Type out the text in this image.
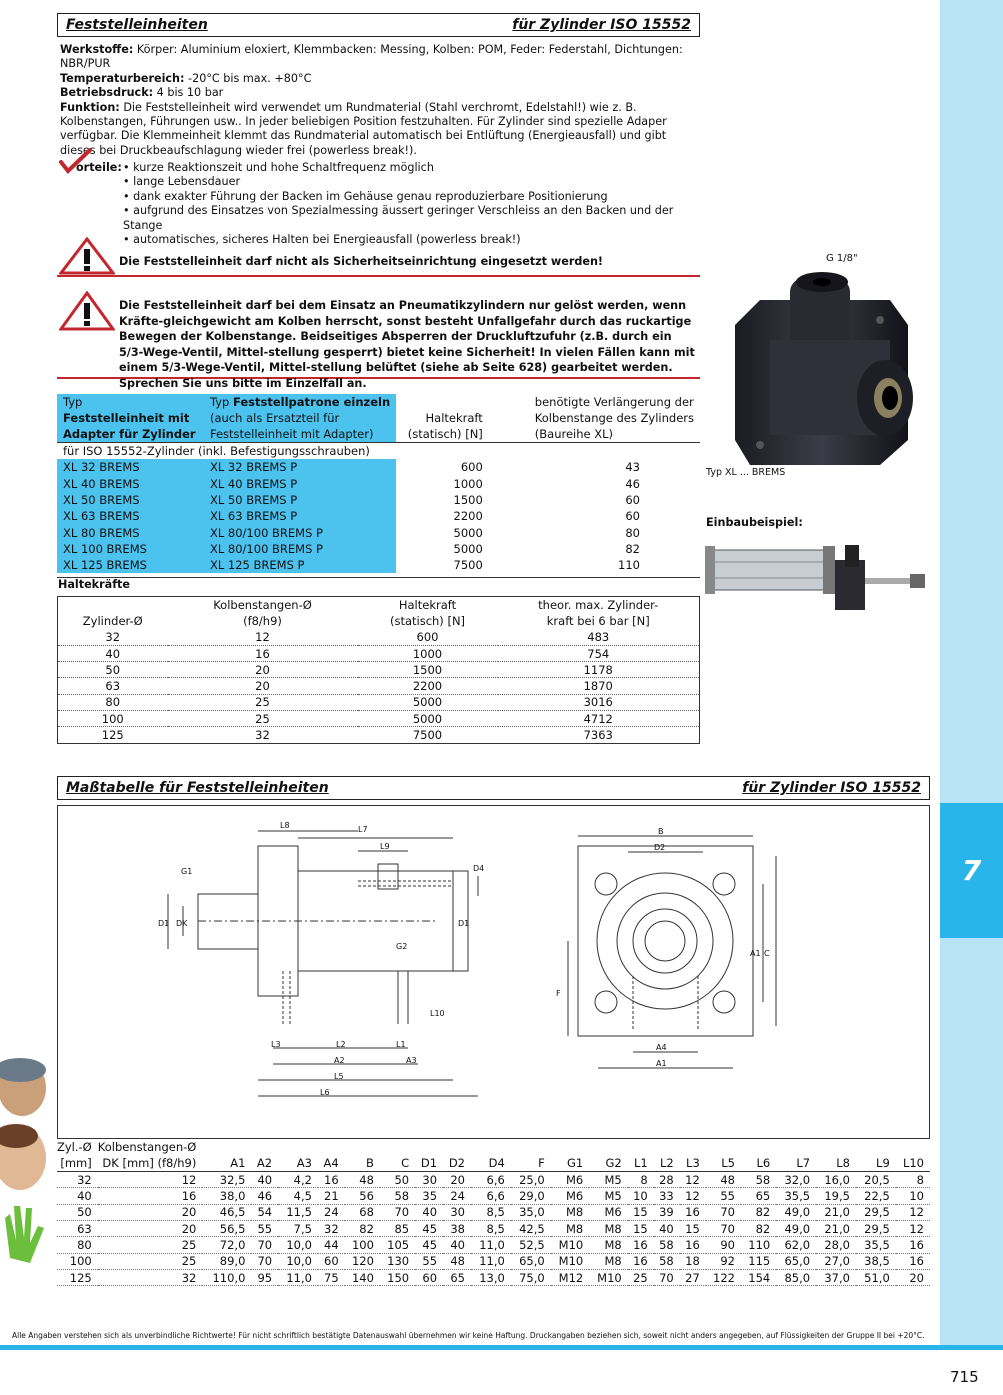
7
Feststelleinheiten	für Zylinder ISO 15552
Werkstoffe: Körper: Aluminium eloxiert, Klemmbacken: Messing, Kolben: POM, Feder: Federstahl, Dichtungen: NBR/PUR
Temperaturbereich: -20°C bis max. +80°C
Betriebsdruck: 4 bis 10 bar
Funktion: Die Feststelleinheit wird verwendet um Rundmaterial (Stahl verchromt, Edelstahl!) wie z. B. Kolbenstangen, Führungen usw.. In jeder beliebigen Position festzuhalten. Für Zylinder sind spezielle Adaper verfügbar. Die Klemmeinheit klemmt das Rundmaterial automatisch bei Entlüftung (Energieausfall) und gibt dieses bei Druckbeaufschlagung wieder frei (powerless break!).
orteile: • kurze Reaktionszeit und hohe Schaltfrequenz möglich
• lange Lebensdauer
• dank exakter Führung der Backen im Gehäuse genau reproduzierbare Positionierung
• aufgrund des Einsatzes von Spezialmessing äussert geringer Verschleiss an den Backen und der Stange
• automatisches, sicheres Halten bei Energieausfall (powerless break!)
Die Feststelleinheit darf nicht als Sicherheitseinrichtung eingesetzt werden!
Die Feststelleinheit darf bei dem Einsatz an Pneumatikzylindern nur gelöst werden, wenn Kräfte-gleichgewicht am Kolben herrscht, sonst besteht Unfallgefahr durch das ruckartige Bewegen der Kolbenstange. Beidseitiges Absperren der Druckluftzufuhr (z.B. durch ein 5/3-Wege-Ventil, Mittel-stellung gesperrt) bietet keine Sicherheit! In vielen Fällen kann mit einem 5/3-Wege-Ventil, Mittel-stellung belüftet (siehe ab Seite 628) gearbeitet werden. Sprechen Sie uns bitte im Einzelfall an.
G 1/8"
Typ XL ... BREMS
Einbaubeispiel:
Typ	Typ Feststellpatrone einzeln		benötigte Verlängerung der
Feststelleinheit mit	(auch als Ersatzteil für	Haltekraft	Kolbenstange des Zylinders
Adapter für Zylinder	Feststelleinheit mit Adapter)	(statisch) [N]	(Baureihe XL)
für ISO 15552-Zylinder (inkl. Befestigungsschrauben)			
XL 32 BREMS	XL 32 BREMS P	600	43
XL 40 BREMS	XL 40 BREMS P	1000	46
XL 50 BREMS	XL 50 BREMS P	1500	60
XL 63 BREMS	XL 63 BREMS P	2200	60
XL 80 BREMS	XL 80/100 BREMS P	5000	80
XL 100 BREMS	XL 80/100 BREMS P	5000	82
XL 125 BREMS	XL 125 BREMS P	7500	110
Haltekräfte
	Kolbenstangen-Ø	Haltekraft	theor. max. Zylinder-
Zylinder-Ø	(f8/h9)	(statisch) [N]	kraft bei 6 bar [N]
32	12	600	483
40	16	1000	754
50	20	1500	1178
63	20	2200	1870
80	25	5000	3016
100	25	5000	4712
125	32	7500	7363
Maßtabelle für Feststelleinheiten	für Zylinder ISO 15552
L8	L7
L9
G1	D4
D1 DK
G2
D1
L10
L3	L2	L1
A2	A3
L5
L6
B
D2
A1 C
F
A4
A1
Zyl.-Ø	Kolbenstangen-Ø																					
[mm]	DK [mm] (f8/h9)	A1	A2	A3	A4	B	C	D1	D2	D4	F	G1	G2	L1	L2	L3	L5	L6	L7	L8	L9	L10
32	12	32,5	40	4,2	16	48	50	30	20	6,6	25,0	M6	M5	8	28	12	48	58	32,0	16,0	20,5	8
40	16	38,0	46	4,5	21	56	58	35	24	6,6	29,0	M6	M5	10	33	12	55	65	35,5	19,5	22,5	10
50	20	46,5	54	11,5	24	68	70	40	30	8,5	35,0	M8	M6	15	39	16	70	82	49,0	21,0	29,5	12
63	20	56,5	55	7,5	32	82	85	45	38	8,5	42,5	M8	M8	15	40	15	70	82	49,0	21,0	29,5	12
80	25	72,0	70	10,0	44	100	105	45	40	11,0	52,5	M10	M8	16	58	16	90	110	62,0	28,0	35,5	16
100	25	89,0	70	10,0	60	120	130	55	48	11,0	65,0	M10	M8	16	58	18	92	115	65,0	27,0	38,5	16
125	32	110,0	95	11,0	75	140	150	60	65	13,0	75,0	M12	M10	25	70	27	122	154	85,0	37,0	51,0	20
Alle Angaben verstehen sich als unverbindliche Richtwerte! Für nicht schriftlich bestätigte Datenauswahl übernehmen wir keine Haftung. Druckangaben beziehen sich, soweit nicht anders angegeben, auf Flüssigkeiten der Gruppe II bei +20°C.
715
